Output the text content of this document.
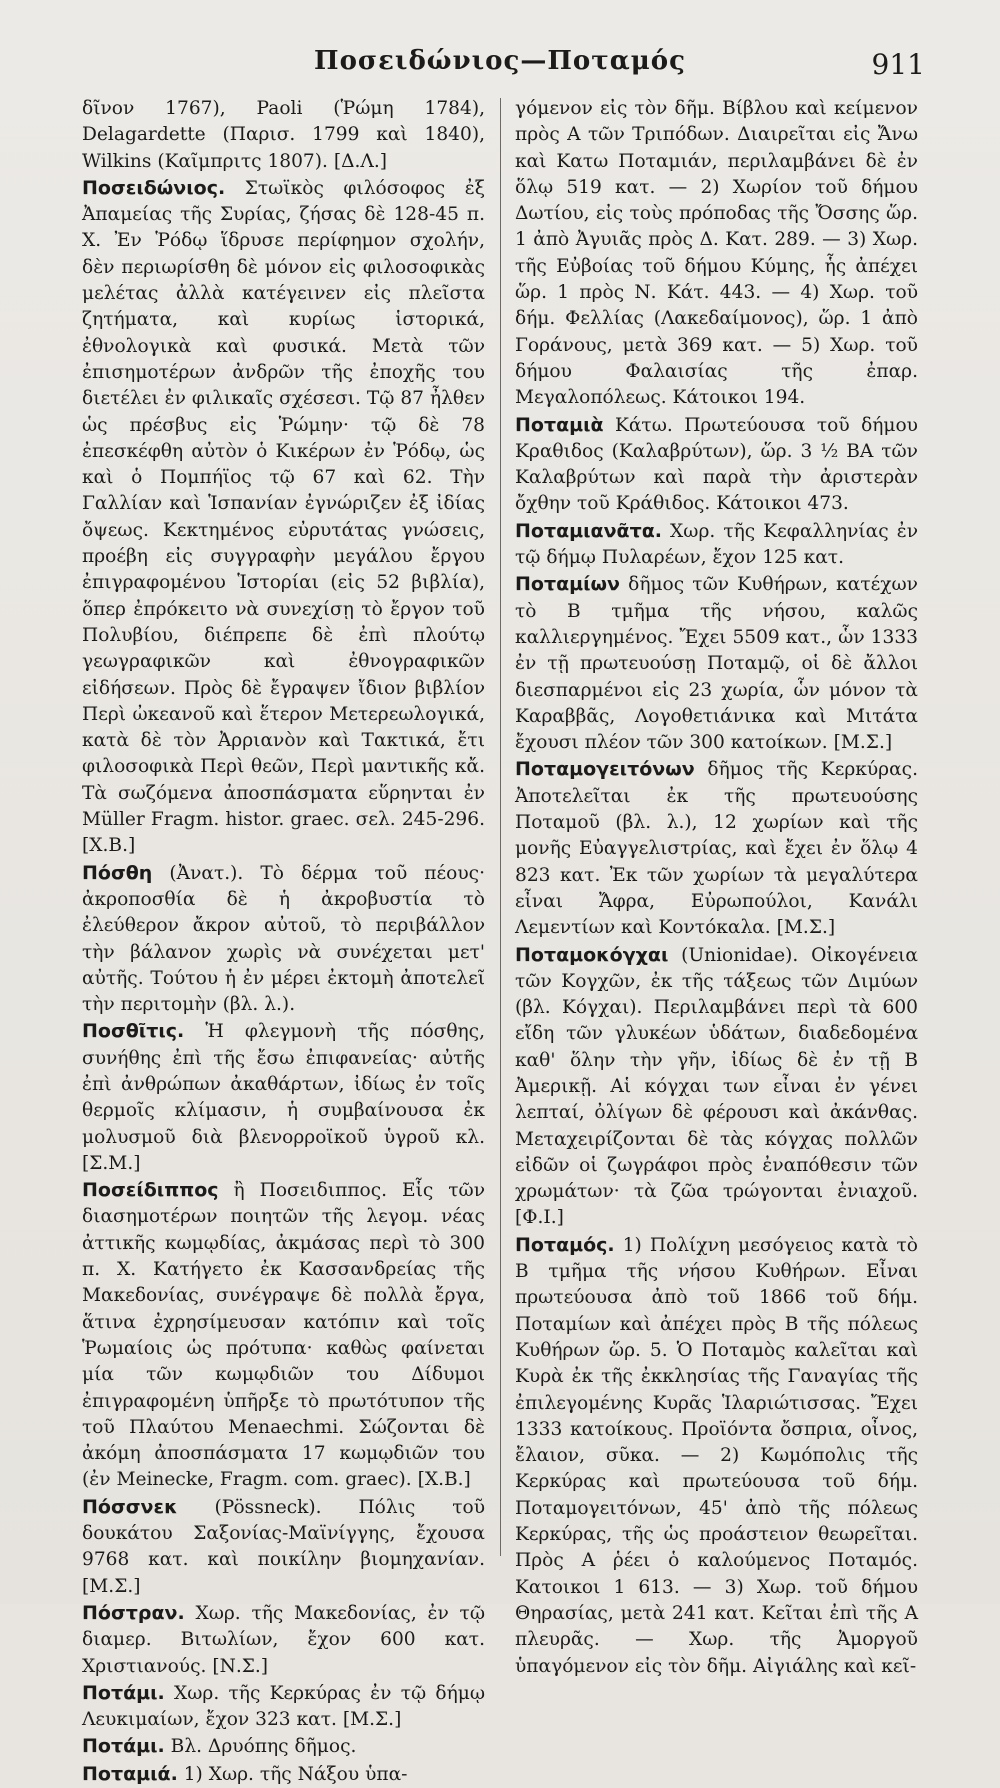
Ποσειδώνιος—Ποταμός	911

δῖνον 1767), Paoli (Ῥώμη 1784), Delagardette (Παρισ. 1799 καὶ 1840), Wilkins (Καῖμπριτς 1807). [Δ.Λ.]

Ποσειδώνιος. Στωϊκὸς φιλόσοφος ἐξ Ἀπαμείας τῆς Συρίας, ζήσας δὲ 128-45 π. Χ. Ἐν Ῥόδῳ ἵδρυσε περίφημον σχολήν, δὲν περιωρίσθη δὲ μόνον εἰς φιλοσοφικὰς μελέτας ἀλλὰ κατέγεινεν εἰς πλεῖστα ζητήματα, καὶ κυρίως ἱστορικά, ἐθνολογικὰ καὶ φυσικά. Μετὰ τῶν ἐπισημοτέρων ἀνδρῶν τῆς ἐποχῆς του διετέλει ἐν φιλικαῖς σχέσεσι. Τῷ 87 ἦλθεν ὡς πρέσβυς εἰς Ῥώμην· τῷ δὲ 78 ἐπεσκέφθη αὐτὸν ὁ Κικέρων ἐν Ῥόδῳ, ὡς καὶ ὁ Πομπήϊος τῷ 67 καὶ 62. Τὴν Γαλλίαν καὶ Ἱσπανίαν ἐγνώριζεν ἐξ ἰδίας ὄψεως. Κεκτημένος εὐρυτάτας γνώσεις, προέβη εἰς συγγραφὴν μεγάλου ἔργου ἐπιγραφομένου Ἱστορίαι (εἰς 52 βιβλία), ὅπερ ἐπρόκειτο νὰ συνεχίσῃ τὸ ἔργον τοῦ Πολυβίου, διέπρεπε δὲ ἐπὶ πλούτῳ γεωγραφικῶν καὶ ἐθνογραφικῶν εἰδήσεων. Πρὸς δὲ ἔγραψεν ἴδιον βιβλίον Περὶ ὠκεανοῦ καὶ ἕτερον Μετερεωλογικά, κατὰ δὲ τὸν Ἀρριανὸν καὶ Τακτικά, ἔτι φιλοσοφικὰ Περὶ θεῶν, Περὶ μαντικῆς κἄ. Τὰ σωζόμενα ἀποσπάσματα εὕρηνται ἐν Müller Fragm. histor. graec. σελ. 245-296. [Χ.Β.]

Πόσθη (Ἀνατ.). Τὸ δέρμα τοῦ πέους· ἀκροποσθία δὲ ἡ ἀκροβυστία τὸ ἐλεύθερον ἄκρον αὐτοῦ, τὸ περιβάλλον τὴν βάλανον χωρὶς νὰ συνέχεται μετ' αὐτῆς. Τούτου ἡ ἐν μέρει ἐκτομὴ ἀποτελεῖ τὴν περιτομὴν (βλ. λ.).

Ποσθῖτις. Ἡ φλεγμονὴ τῆς πόσθης, συνήθης ἐπὶ τῆς ἔσω ἐπιφανείας· αὐτῆς ἐπὶ ἀνθρώπων ἀκαθάρτων, ἰδίως ἐν τοῖς θερμοῖς κλίμασιν, ἡ συμβαίνουσα ἐκ μολυσμοῦ διὰ βλενορροϊκοῦ ὑγροῦ κλ. [Σ.Μ.]

Ποσείδιππος ἢ Ποσειδιππος. Εἷς τῶν διασημοτέρων ποιητῶν τῆς λεγομ. νέας ἀττικῆς κωμῳδίας, ἀκμάσας περὶ τὸ 300 π. Χ. Κατήγετο ἐκ Κασσανδρείας τῆς Μακεδονίας, συνέγραψε δὲ πολλὰ ἔργα, ἅτινα ἐχρησίμευσαν κατόπιν καὶ τοῖς Ῥωμαίοις ὡς πρότυπα· καθὼς φαίνεται μία τῶν κωμῳδιῶν του Δίδυμοι ἐπιγραφομένη ὑπῆρξε τὸ πρωτότυπον τῆς τοῦ Πλαύτου Menaechmi. Σώζονται δὲ ἀκόμη ἀποσπάσματα 17 κωμῳδιῶν του (ἐν Meinecke, Fragm. com. graec). [Χ.Β.]

Πόσσνεκ (Pössneck). Πόλις τοῦ δουκάτου Σαξονίας-Μαϊνίγγης, ἔχουσα 9768 κατ. καὶ ποικίλην βιομηχανίαν. [Μ.Σ.]

Πόστραν. Χωρ. τῆς Μακεδονίας, ἐν τῷ διαμερ. Βιτωλίων, ἔχον 600 κατ. Χριστιανούς. [Ν.Σ.]

Ποτάμι. Χωρ. τῆς Κερκύρας ἐν τῷ δήμῳ Λευκιμαίων, ἔχον 323 κατ. [Μ.Σ.]

Ποτάμι. Βλ. Δρυόπης δῆμος.

Ποταμιά. 1) Χωρ. τῆς Νάξου ὑπα-

γόμενον εἰς τὸν δῆμ. Βίβλου καὶ κείμενον πρὸς Α τῶν Τριπόδων. Διαιρεῖται εἰς Ἄνω καὶ Κατω Ποταμιάν, περιλαμβάνει δὲ ἐν ὅλῳ 519 κατ. — 2) Χωρίον τοῦ δήμου Δωτίου, εἰς τοὺς πρόποδας τῆς Ὄσσης ὥρ. 1 ἀπὸ Ἀγυιᾶς πρὸς Δ. Κατ. 289. — 3) Χωρ. τῆς Εὐβοίας τοῦ δήμου Κύμης, ἧς ἀπέχει ὥρ. 1 πρὸς Ν. Κάτ. 443. — 4) Χωρ. τοῦ δήμ. Φελλίας (Λακεδαίμονος), ὥρ. 1 ἀπὸ Γοράνους, μετὰ 369 κατ. — 5) Χωρ. τοῦ δήμου Φαλαισίας τῆς ἐπαρ. Μεγαλοπόλεως. Κάτοικοι 194.

Ποταμιὰ Κάτω. Πρωτεύουσα τοῦ δήμου Κραθιδος (Καλαβρύτων), ὥρ. 3 ½ ΒΑ τῶν Καλαβρύτων καὶ παρὰ τὴν ἀριστερὰν ὄχθην τοῦ Κράθιδος. Κάτοικοι 473.

Ποταμιανᾶτα. Χωρ. τῆς Κεφαλληνίας ἐν τῷ δήμῳ Πυλαρέων, ἔχον 125 κατ.

Ποταμίων δῆμος τῶν Κυθήρων, κατέχων τὸ Β τμῆμα τῆς νήσου, καλῶς καλλιεργημένος. Ἔχει 5509 κατ., ὧν 1333 ἐν τῇ πρωτευούσῃ Ποταμῷ, οἱ δὲ ἄλλοι διεσπαρμένοι εἰς 23 χωρία, ὧν μόνον τὰ Καραββᾶς, Λογοθετιάνικα καὶ Μιτάτα ἔχουσι πλέον τῶν 300 κατοίκων. [Μ.Σ.]

Ποταμογειτόνων δῆμος τῆς Κερκύρας. Ἀποτελεῖται ἐκ τῆς πρωτευούσης Ποταμοῦ (βλ. λ.), 12 χωρίων καὶ τῆς μονῆς Εὐαγγελιστρίας, καὶ ἔχει ἐν ὅλῳ 4 823 κατ. Ἐκ τῶν χωρίων τὰ μεγαλύτερα εἶναι Ἄφρα, Εὐρωπούλοι, Κανάλι Λεμεντίων καὶ Κοντόκαλα. [Μ.Σ.]

Ποταμοκόγχαι (Unionidae). Οἰκογένεια τῶν Κογχῶν, ἐκ τῆς τάξεως τῶν Διμύων (βλ. Κόγχαι). Περιλαμβάνει περὶ τὰ 600 εἴδη τῶν γλυκέων ὑδάτων, διαδεδομένα καθ' ὅλην τὴν γῆν, ἰδίως δὲ ἐν τῇ Β Ἀμερικῇ. Αἱ κόγχαι των εἶναι ἐν γένει λεπταί, ὀλίγων δὲ φέρουσι καὶ ἀκάνθας. Μεταχειρίζονται δὲ τὰς κόγχας πολλῶν εἰδῶν οἱ ζωγράφοι πρὸς ἐναπόθεσιν τῶν χρωμάτων· τὰ ζῶα τρώγονται ἐνιαχοῦ. [Φ.Ι.]

Ποταμός. 1) Πολίχνη μεσόγειος κατὰ τὸ Β τμῆμα τῆς νήσου Κυθήρων. Εἶναι πρωτεύουσα ἀπὸ τοῦ 1866 τοῦ δήμ. Ποταμίων καὶ ἀπέχει πρὸς Β τῆς πόλεως Κυθήρων ὥρ. 5. Ὁ Ποταμὸς καλεῖται καὶ Κυρὰ ἐκ τῆς ἐκκλησίας τῆς Γαναγίας τῆς ἐπιλεγομένης Κυρᾶς Ἱλαριώτισσας. Ἔχει 1333 κατοίκους. Προϊόντα ὄσπρια, οἶνος, ἔλαιον, σῦκα. — 2) Κωμόπολις τῆς Κερκύρας καὶ πρωτεύουσα τοῦ δήμ. Ποταμογειτόνων, 45' ἀπὸ τῆς πόλεως Κερκύρας, τῆς ὡς προάστειον θεωρεῖται. Πρὸς Α ῥέει ὁ καλούμενος Ποταμός. Κατοικοι 1 613. — 3) Χωρ. τοῦ δήμου Θηρασίας, μετὰ 241 κατ. Κεῖται ἐπὶ τῆς Α πλευρᾶς. — Χωρ. τῆς Ἀμοργοῦ ὑπαγόμενον εἰς τὸν δῆμ. Αἰγιάλης καὶ κεῖ-
